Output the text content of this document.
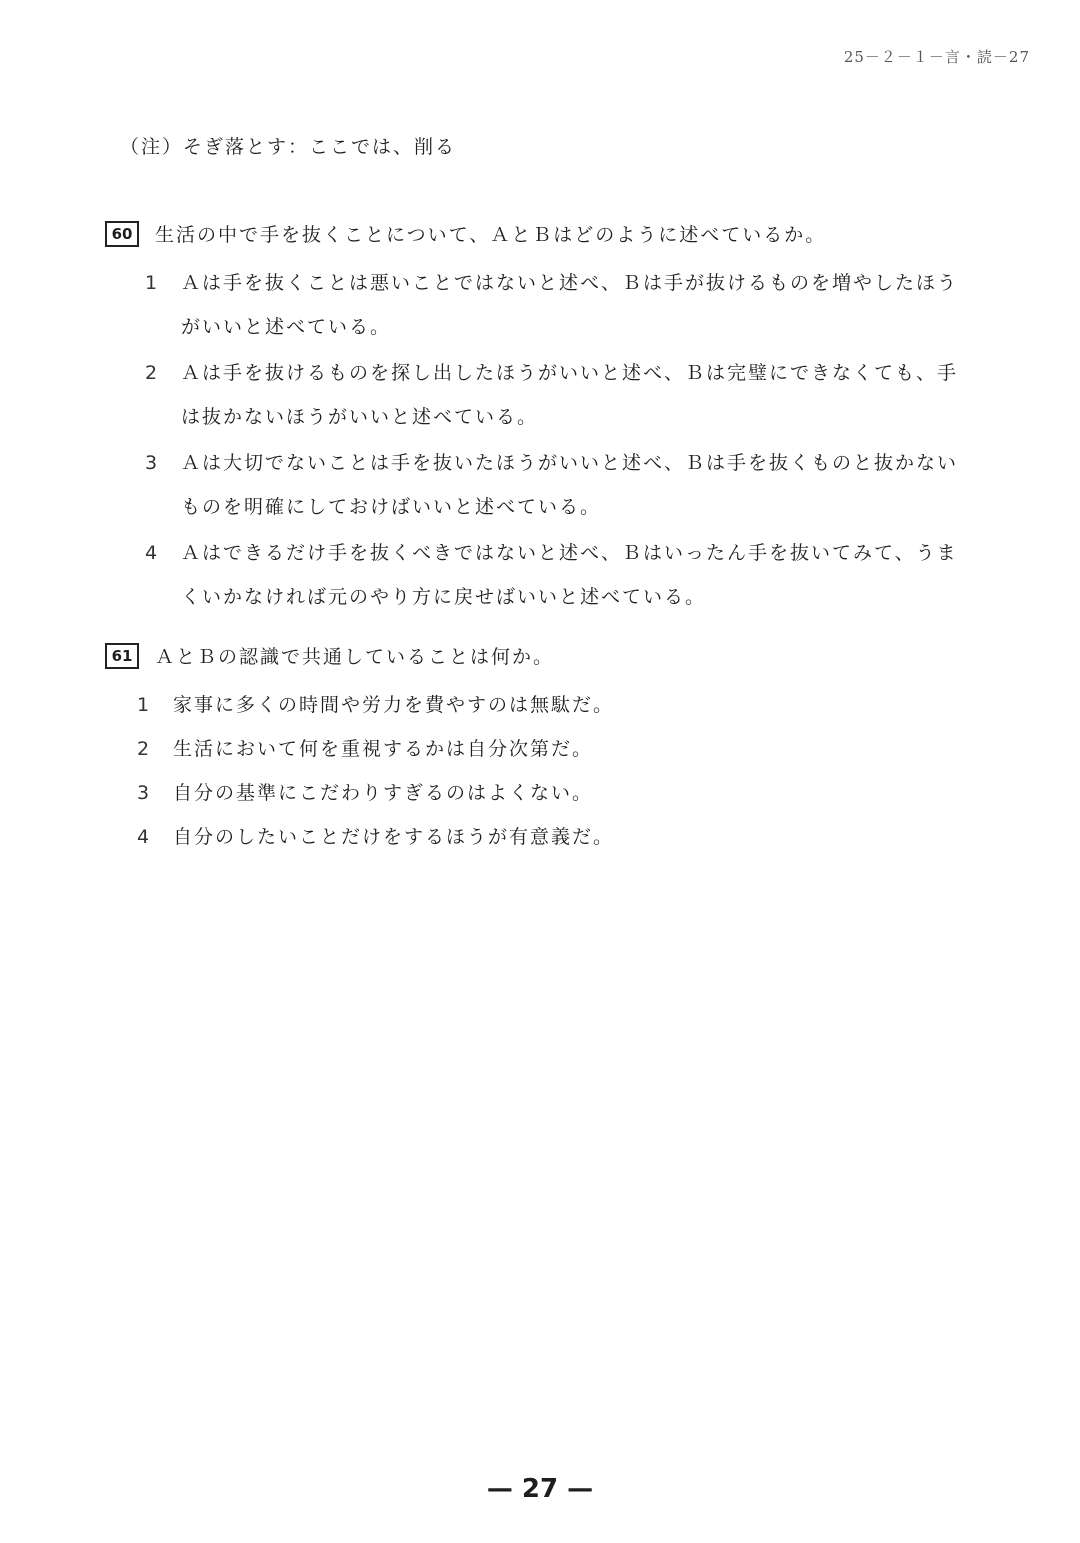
25－２－１－言・読－27
（注）そぎ落とす：ここでは、削る
60	生活の中で手を抜くことについて、ＡとＢはどのように述べているか。
1	Ａは手を抜くことは悪いことではないと述べ、Ｂは手が抜けるものを増やしたほうがいいと述べている。
2	Ａは手を抜けるものを探し出したほうがいいと述べ、Ｂは完璧にできなくても、手は抜かないほうがいいと述べている。
3	Ａは大切でないことは手を抜いたほうがいいと述べ、Ｂは手を抜くものと抜かないものを明確にしておけばいいと述べている。
4	Ａはできるだけ手を抜くべきではないと述べ、Ｂはいったん手を抜いてみて、うまくいかなければ元のやり方に戻せばいいと述べている。
61	ＡとＢの認識で共通していることは何か。
1	家事に多くの時間や労力を費やすのは無駄だ。
2	生活において何を重視するかは自分次第だ。
3	自分の基準にこだわりすぎるのはよくない。
4	自分のしたいことだけをするほうが有意義だ。
— 27 —
